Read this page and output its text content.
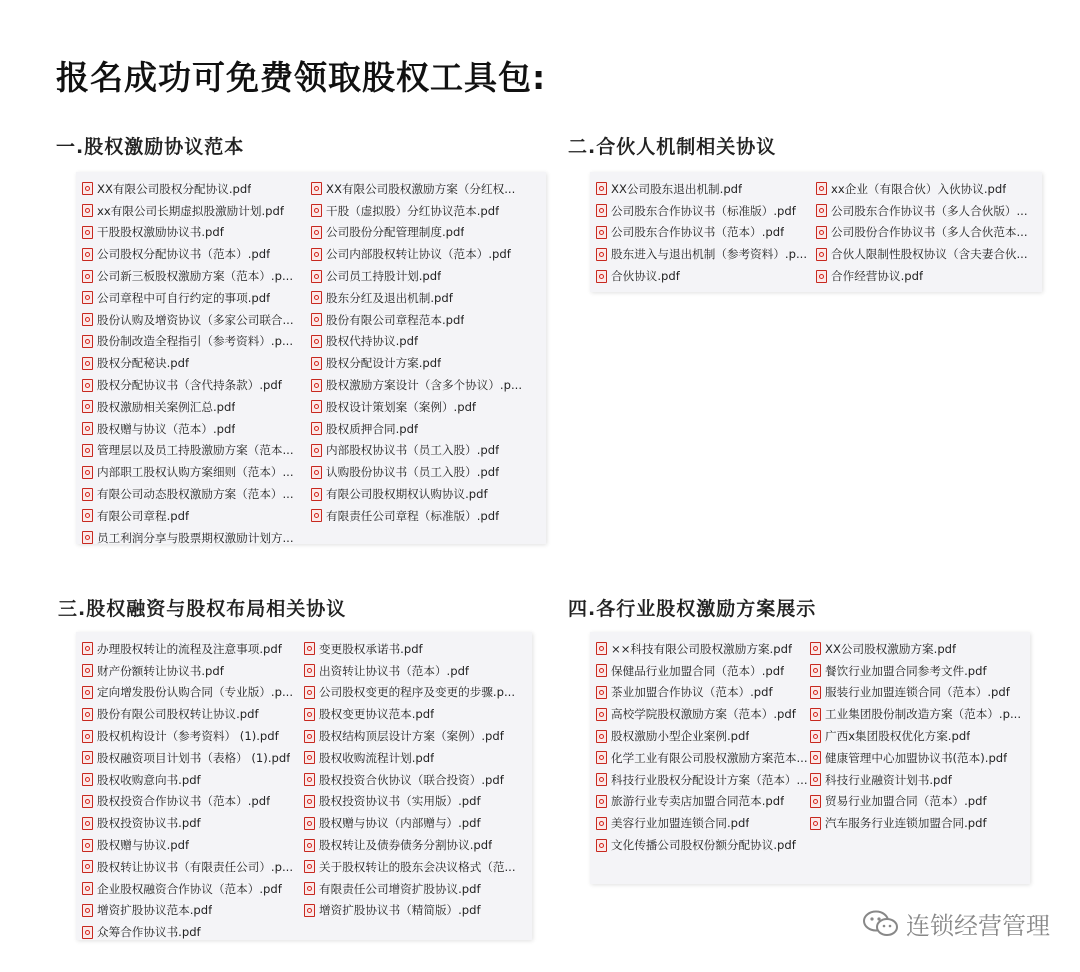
报名成功可免费领取股权工具包:
一.股权激励协议范本
XX有限公司股权分配协议.pdf	XX有限公司股权激励方案（分红权...
xx有限公司长期虚拟股激励计划.pdf	干股（虚拟股）分红协议范本.pdf
干股股权激励协议书.pdf	公司股份分配管理制度.pdf
公司股权分配协议书（范本）.pdf	公司内部股权转让协议（范本）.pdf
公司新三板股权激励方案（范本）.p...	公司员工持股计划.pdf
公司章程中可自行约定的事项.pdf	股东分红及退出机制.pdf
股份认购及增资协议（多家公司联合...	股份有限公司章程范本.pdf
股份制改造全程指引（参考资料）.p...	股权代持协议.pdf
股权分配秘诀.pdf	股权分配设计方案.pdf
股权分配协议书（含代持条款）.pdf	股权激励方案设计（含多个协议）.p...
股权激励相关案例汇总.pdf	股权设计策划案（案例）.pdf
股权赠与协议（范本）.pdf	股权质押合同.pdf
管理层以及员工持股激励方案（范本...	内部股权协议书（员工入股）.pdf
内部职工股权认购方案细则（范本）...	认购股份协议书（员工入股）.pdf
有限公司动态股权激励方案（范本）...	有限公司股权期权认购协议.pdf
有限公司章程.pdf	有限责任公司章程（标准版）.pdf
员工利润分享与股票期权激励计划方...
二.合伙人机制相关协议
XX公司股东退出机制.pdf	xx企业（有限合伙）入伙协议.pdf
公司股东合作协议书（标准版）.pdf	公司股东合作协议书（多人合伙版）...
公司股东合作协议书（范本）.pdf	公司股份合作协议书（多人合伙范本...
股东进入与退出机制（参考资料）.p... 合伙人限制性股权协议（含夫妻合伙...
合伙协议.pdf	合作经营协议.pdf
三.股权融资与股权布局相关协议
办理股权转让的流程及注意事项.pdf	变更股权承诺书.pdf
财产份额转让协议书.pdf	出资转让协议书（范本）.pdf
定向增发股份认购合同（专业版）.p... 公司股权变更的程序及变更的步骤.p...
股份有限公司股权转让协议.pdf	股权变更协议范本.pdf
股权机构设计（参考资料） (1).pdf	股权结构顶层设计方案（案例）.pdf
股权融资项目计划书（表格） (1).pdf 股权收购流程计划.pdf
股权收购意向书.pdf	股权投资合伙协议（联合投资）.pdf
股权投资合作协议书（范本）.pdf	股权投资协议书（实用版）.pdf
股权投资协议书.pdf	股权赠与协议（内部赠与）.pdf
股权赠与协议.pdf	股权转让及债券债务分割协议.pdf
股权转让协议书（有限责任公司）.p... 关于股权转让的股东会决议格式（范...
企业股权融资合作协议（范本）.pdf	有限责任公司增资扩股协议.pdf
增资扩股协议范本.pdf	增资扩股协议书（精简版）.pdf
众筹合作协议书.pdf
四.各行业股权激励方案展示
××科技有限公司股权激励方案.pdf	XX公司股权激励方案.pdf
保健品行业加盟合同（范本）.pdf	餐饮行业加盟合同参考文件.pdf
茶业加盟合作协议（范本）.pdf	服装行业加盟连锁合同（范本）.pdf
高校学院股权激励方案（范本）.pdf	工业集团股份制改造方案（范本）.p...
股权激励小型企业案例.pdf	广西x集团股权优化方案.pdf
化学工业有限公司股权激励方案范本... 健康管理中心加盟协议书(范本).pdf
科技行业股权分配设计方案（范本）... 科技行业融资计划书.pdf
旅游行业专卖店加盟合同范本.pdf	贸易行业加盟合同（范本）.pdf
美容行业加盟连锁合同.pdf	汽车服务行业连锁加盟合同.pdf
文化传播公司股权份额分配协议.pdf
连锁经营管理
